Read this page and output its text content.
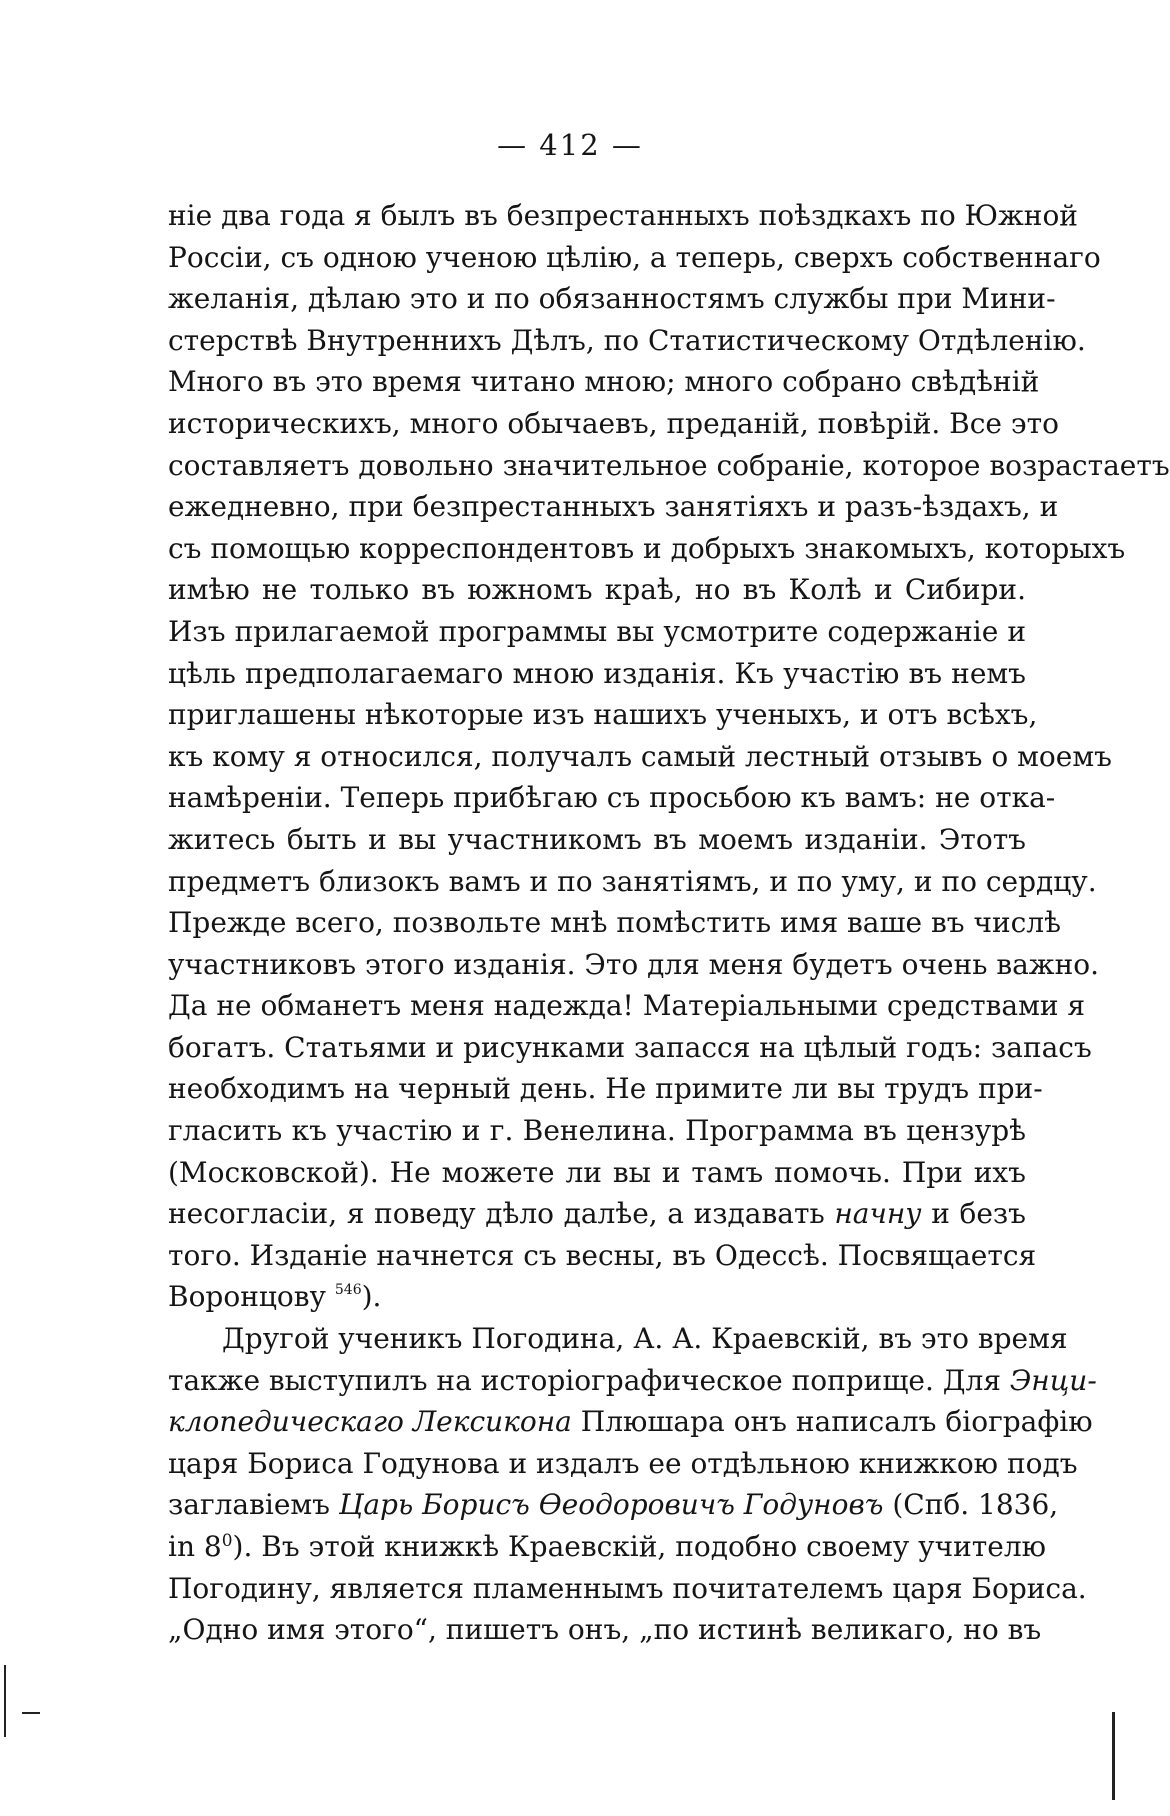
— 412 —
ніе два года я былъ въ безпрестанныхъ поѣздкахъ по Южной
Россіи, съ одною ученою цѣлію, а теперь, сверхъ собственнаго
желанія, дѣлаю это и по обязанностямъ службы при Мини-
стерствѣ Внутреннихъ Дѣлъ, по Статистическому Отдѣленію.
Много въ это время читано мною; много собрано свѣдѣній
историческихъ, много обычаевъ, преданій, повѣрій. Все это
составляетъ довольно значительное собраніе, которое возрастаетъ
ежедневно, при безпрестанныхъ занятіяхъ и разъ-ѣздахъ, и
съ помощью корреспондентовъ и добрыхъ знакомыхъ, которыхъ
имѣю не только въ южномъ краѣ, но въ Колѣ и Сибири.
Изъ прилагаемой программы вы усмотрите содержаніе и
цѣль предполагаемаго мною изданія. Къ участію въ немъ
приглашены нѣкоторые изъ нашихъ ученыхъ, и отъ всѣхъ,
къ кому я относился, получалъ самый лестный отзывъ о моемъ
намѣреніи. Теперь прибѣгаю съ просьбою къ вамъ: не отка-
житесь быть и вы участникомъ въ моемъ изданіи. Этотъ
предметъ близокъ вамъ и по занятіямъ, и по уму, и по сердцу.
Прежде всего, позвольте мнѣ помѣстить имя ваше въ числѣ
участниковъ этого изданія. Это для меня будетъ очень важно.
Да не обманетъ меня надежда! Матеріальными средствами я
богатъ. Статьями и рисунками запасся на цѣлый годъ: запасъ
необходимъ на черный день. Не примите ли вы трудъ при-
гласить къ участію и г. Венелина. Программа въ цензурѣ
(Московской). Не можете ли вы и тамъ помочь. При ихъ
несогласіи, я поведу дѣло далѣе, а издавать начну и безъ
того. Изданіе начнется съ весны, въ Одессѣ. Посвящается
Воронцову $^{546}$).
Другой ученикъ Погодина, А. А. Краевскій, въ это время
также выступилъ на исторіографическое поприще. Для Энци-
клопедическаго Лексикона Плюшара онъ написалъ біографію
царя Бориса Годунова и издалъ ее отдѣльною книжкою подъ
заглавіемъ Царь Борисъ Ѳеодоровичъ Годуновъ (Спб. 1836,
in $8^0$). Въ этой книжкѣ Краевскій, подобно своему учителю
Погодину, является пламеннымъ почитателемъ царя Бориса.
„Одно имя этого“, пишетъ онъ, „по истинѣ великаго, но въ
